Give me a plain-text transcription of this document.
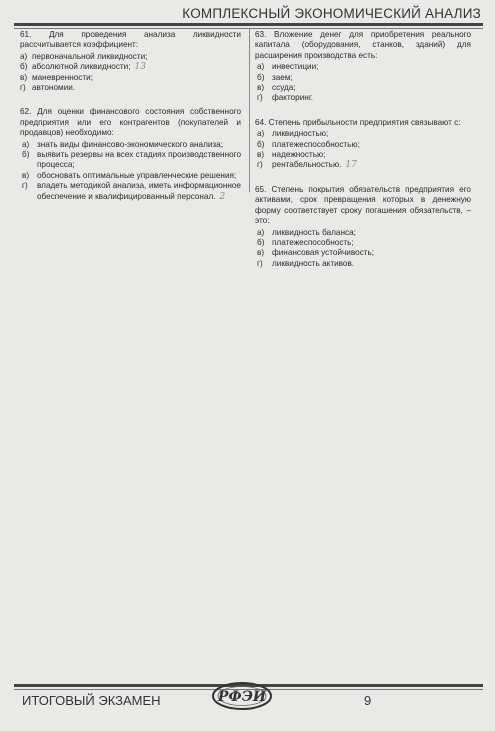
КОМПЛЕКСНЫЙ ЭКОНОМИЧЕСКИЙ АНАЛИЗ
61. Для проведения анализа ликвидности рассчитывается коэффициент:
а) первоначальной ликвидности;
б) абсолютной ликвидности; 13
в) маневренности;
г) автономии.
62. Для оценки финансового состояния собственного предприятия или его контрагентов (покупателей и продавцов) необходимо:
а) знать виды финансово-экономического анализа;
б) выявить резервы на всех стадиях производственного процесса;
в) обосновать оптимальные управленческие решения;
г) владеть методикой анализа, иметь информационное обеспечение и квалифицированный персонал. 2
63. Вложение денег для приобретения реального капитала (оборудования, станков, зданий) для расширения производства есть:
а) инвестиции;
б) заем;
в) ссуда;
г) факторинг.
64. Степень прибыльности предприятия связывают с:
а) ликвидностью;
б) платежеспособностью;
в) надежностью;
г) рентабельностью. 17
65. Степень покрытия обязательств предприятия его активами, срок превращения которых в денежную форму соответствует сроку погашения обязательств, – это:
а) ликвидность баланса;
б) платежеспособность;
в) финансовая устойчивость;
г) ликвидность активов.
ИТОГОВЫЙ ЭКЗАМЕН	РФЭИ	9
